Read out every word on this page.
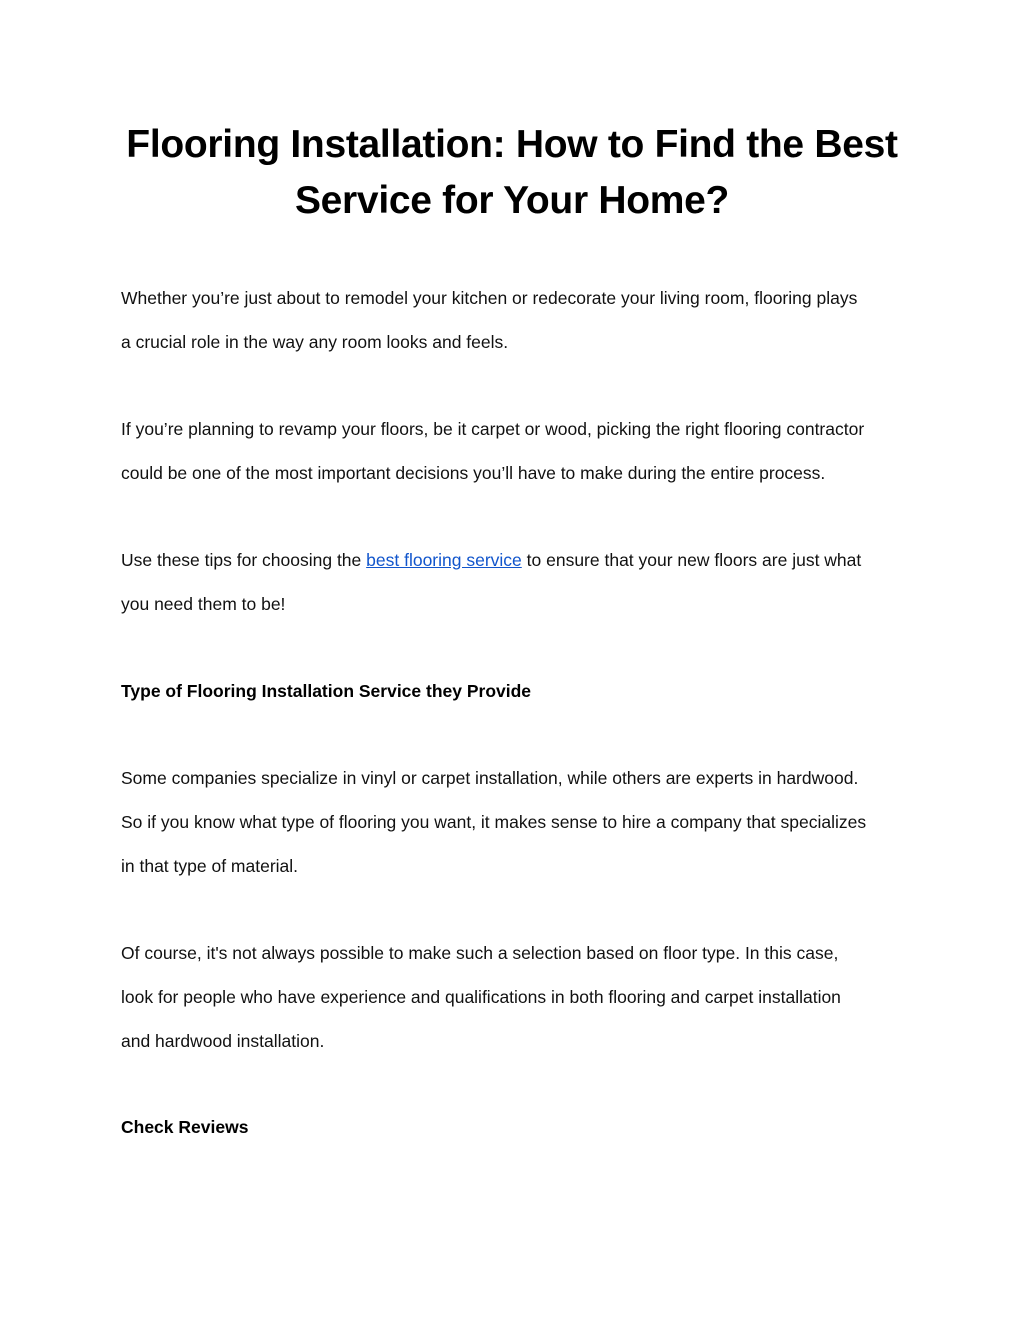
Flooring Installation: How to Find the Best
Service for Your Home?

Whether you’re just about to remodel your kitchen or redecorate your living room, flooring plays
a crucial role in the way any room looks and feels.

If you’re planning to revamp your floors, be it carpet or wood, picking the right flooring contractor
could be one of the most important decisions you’ll have to make during the entire process.

Use these tips for choosing the best flooring service to ensure that your new floors are just what
you need them to be!

Type of Flooring Installation Service they Provide

Some companies specialize in vinyl or carpet installation, while others are experts in hardwood.
So if you know what type of flooring you want, it makes sense to hire a company that specializes
in that type of material.

Of course, it's not always possible to make such a selection based on floor type. In this case,
look for people who have experience and qualifications in both flooring and carpet installation
and hardwood installation.

Check Reviews
